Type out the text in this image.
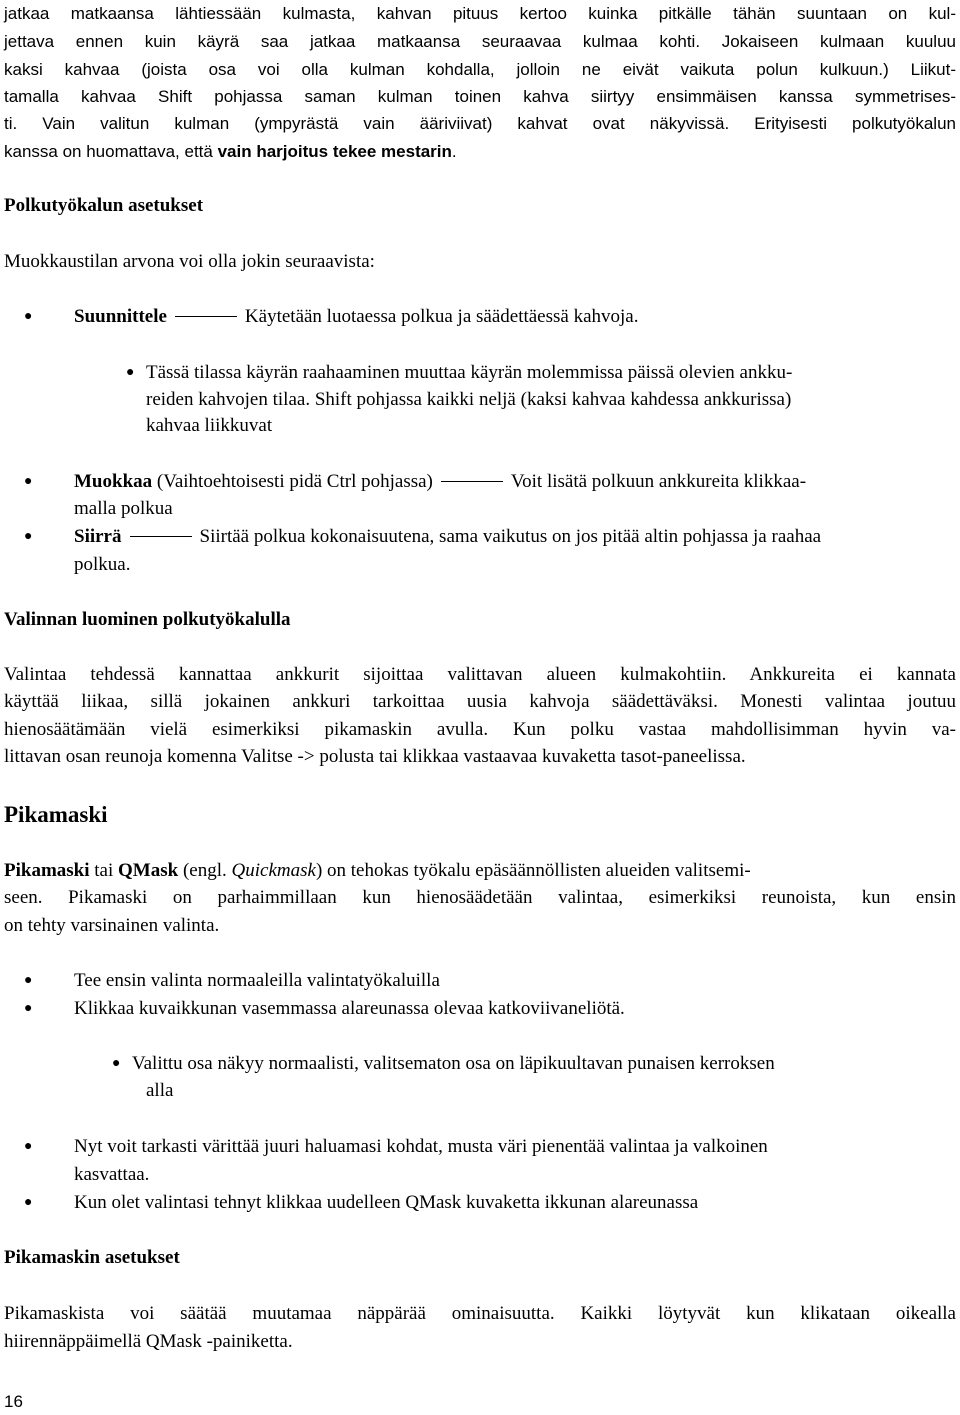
jatkaa matkaansa lähtiessään kulmasta, kahvan pituus kertoo kuinka pitkälle tähän suuntaan on kul-
jettava ennen kuin käyrä saa jatkaa matkaansa seuraavaa kulmaa kohti. Jokaiseen kulmaan kuuluu
kaksi kahvaa (joista osa voi olla kulman kohdalla, jolloin ne eivät vaikuta polun kulkuun.) Liikut-
tamalla kahvaa Shift pohjassa saman kulman toinen kahva siirtyy ensimmäisen kanssa symmetrises-
ti. Vain valitun kulman (ympyrästä vain ääriviivat) kahvat ovat näkyvissä. Erityisesti polkutyökalun
kanssa on huomattava, että vain harjoitus tekee mestarin.
Polkutyökalun asetukset
Muokkaustilan arvona voi olla jokin seuraavista:
● Suunnittele	Käytetään luotaessa polkua ja säädettäessä kahvoja.
● Tässä tilassa käyrän raahaaminen muuttaa käyrän molemmissa päissä olevien ankku-
reiden kahvojen tilaa. Shift pohjassa kaikki neljä (kaksi kahvaa kahdessa ankkurissa)
kahvaa liikkuvat
● Muokkaa (Vaihtoehtoisesti pidä Ctrl pohjassa)	Voit lisätä polkuun ankkureita klikkaa-
malla polkua
● Siirrä	Siirtää polkua kokonaisuutena, sama vaikutus on jos pitää altin pohjassa ja raahaa
polkua.
Valinnan luominen polkutyökalulla
Valintaa tehdessä kannattaa ankkurit sijoittaa valittavan alueen kulmakohtiin. Ankkureita ei kannata
käyttää liikaa, sillä jokainen ankkuri tarkoittaa uusia kahvoja säädettäväksi. Monesti valintaa joutuu
hienosäätämään vielä esimerkiksi pikamaskin avulla. Kun polku vastaa mahdollisimman hyvin va-
littavan osan reunoja komenna Valitse -> polusta tai klikkaa vastaavaa kuvaketta tasot-paneelissa.
Pikamaski
Pikamaski tai QMask (engl. Quickmask) on tehokas työkalu epäsäännöllisten alueiden valitsemi-
seen. Pikamaski on parhaimmillaan kun hienosäädetään valintaa, esimerkiksi reunoista, kun ensin
on tehty varsinainen valinta.
● Tee ensin valinta normaaleilla valintatyökaluilla
● Klikkaa kuvaikkunan vasemmassa alareunassa olevaa katkoviivaneliötä.
● Valittu osa näkyy normaalisti, valitsematon osa on läpikuultavan punaisen kerroksen
alla
● Nyt voit tarkasti värittää juuri haluamasi kohdat, musta väri pienentää valintaa ja valkoinen
kasvattaa.
● Kun olet valintasi tehnyt klikkaa uudelleen QMask kuvaketta ikkunan alareunassa
Pikamaskin asetukset
Pikamaskista voi säätää muutamaa näppärää ominaisuutta. Kaikki löytyvät kun klikataan oikealla
hiirennäppäimellä QMask -painiketta.
16
